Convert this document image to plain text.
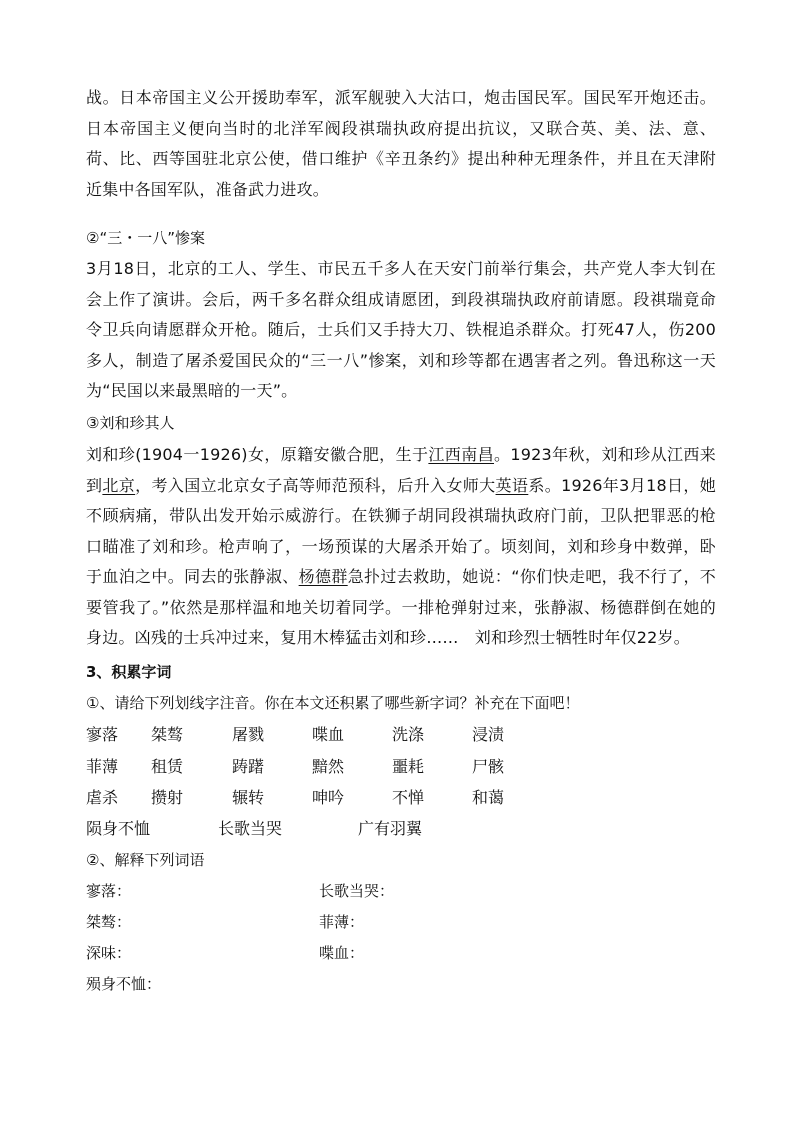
战。日本帝国主义公开援助奉军，派军舰驶入大沽口，炮击国民军。国民军开炮还击。日本帝国主义便向当时的北洋军阀段祺瑞执政府提出抗议，又联合英、美、法、意、荷、比、西等国驻北京公使，借口维护《辛丑条约》提出种种无理条件，并且在天津附近集中各国军队，准备武力进攻。
②“三・一八”惨案
3月18日，北京的工人、学生、市民五千多人在天安门前举行集会，共产党人李大钊在会上作了演讲。会后，两千多名群众组成请愿团，到段祺瑞执政府前请愿。段祺瑞竟命令卫兵向请愿群众开枪。随后，士兵们又手持大刀、铁棍追杀群众。打死47人，伤200多人，制造了屠杀爱国民众的“三一八”惨案，刘和珍等都在遇害者之列。鲁迅称这一天为“民国以来最黑暗的一天”。
③刘和珍其人
刘和珍(1904一1926)女，原籍安徽合肥，生于江西南昌。1923年秋，刘和珍从江西来到北京，考入国立北京女子高等师范预科，后升入女师大英语系。1926年3月18日，她不顾病痛，带队出发开始示威游行。在铁狮子胡同段祺瑞执政府门前，卫队把罪恶的枪口瞄准了刘和珍。枪声响了，一场预谋的大屠杀开始了。顷刻间，刘和珍身中数弹，卧于血泊之中。同去的张静淑、杨德群急扑过去救助，她说：“你们快走吧，我不行了，不要管我了。”依然是那样温和地关切着同学。一排枪弹射过来，张静淑、杨德群倒在她的身边。凶残的士兵冲过来，复用木棒猛击刘和珍……　刘和珍烈士牺牲时年仅22岁。
3、积累字词
①、请给下列划线字注音。你在本文还积累了哪些新字词？补充在下面吧！
寥落 桀骜	屠戮	喋血	洗涤	浸渍
菲薄 租赁	踌躇	黯然	噩耗	尸骸
虐杀 攒射	辗转	呻吟	不惮	和蔼
陨身不恤	长歌当哭	广有羽翼
②、解释下列词语
寥落：	长歌当哭：
桀骜：	菲薄：
深味：	喋血：
殒身不恤：
